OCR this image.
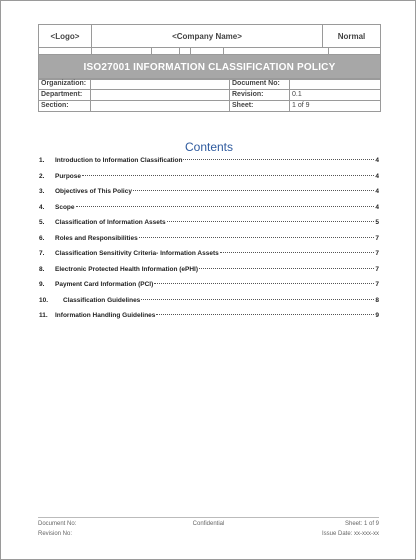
<Logo>	<Company Name>	Normal
ISO27001 INFORMATION CLASSIFICATION POLICY
Organization:	Document No:
Department:	Revision:	0.1
Section:	Sheet:	1 of 9
Contents
1.	Introduction to Information Classification	4
2.	Purpose	4
3.	Objectives of This Policy	4
4.	Scope	4
5.	Classification of Information Assets	5
6.	Roles and Responsibilities	7
7.	Classification Sensitivity Criteria- Information Assets	7
8.	Electronic Protected Health Information (ePHI)	7
9.	Payment Card Information (PCI)	7
10.	Classification Guidelines	8
11.	Information Handling Guidelines	9
Document No:	Confidential	Sheet: 1 of 9
Revision No:	Issue Date: xx-xxx-xx
